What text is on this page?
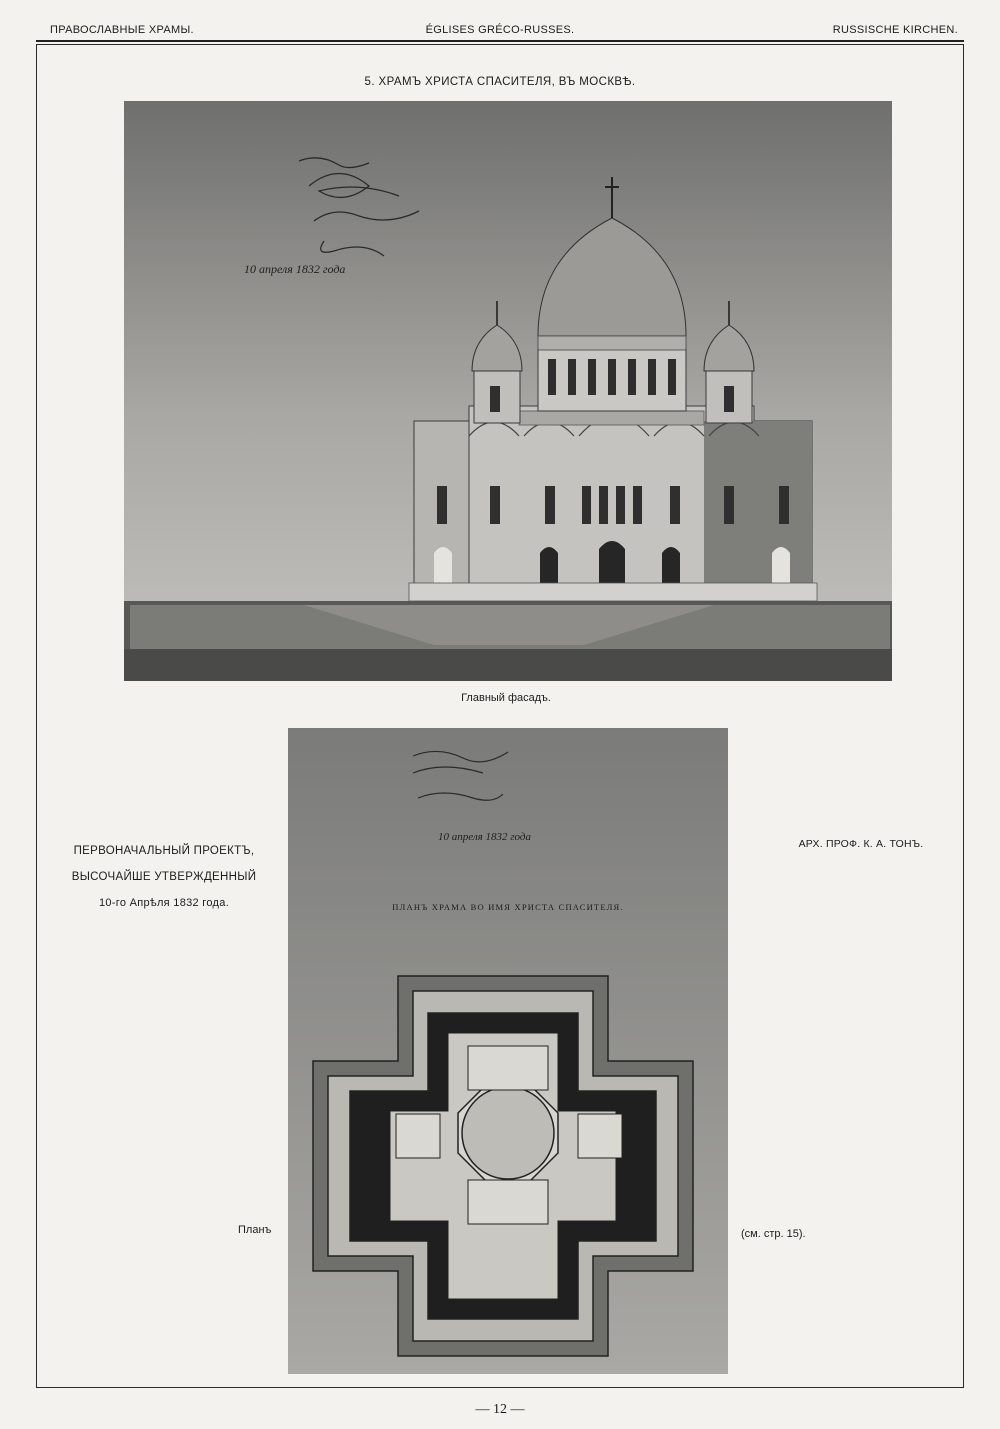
ПРАВОСЛАВНЫЕ ХРАМЫ.	ÉGLISES GRÉCO-RUSSES.	RUSSISCHE KIRCHEN.
5. ХРАМЪ ХРИСТА СПАСИТЕЛЯ, ВЪ МОСКВѢ.
10 апреля 1832 года
Главный фасадъ.
10 апреля 1832 года
ПЛАНЪ ХРАМА ВО ИМЯ ХРИСТА СПАСИТЕЛЯ.
ПЕРВОНАЧАЛЬНЫЙ ПРОЕКТЪ,
ВЫСОЧАЙШЕ УТВЕРЖДЕННЫЙ
10-го Апрѣля 1832 года.
АРХ. ПРОФ. К. А. ТОНЪ.
Планъ	(см. стр. 15).
— 12 —
